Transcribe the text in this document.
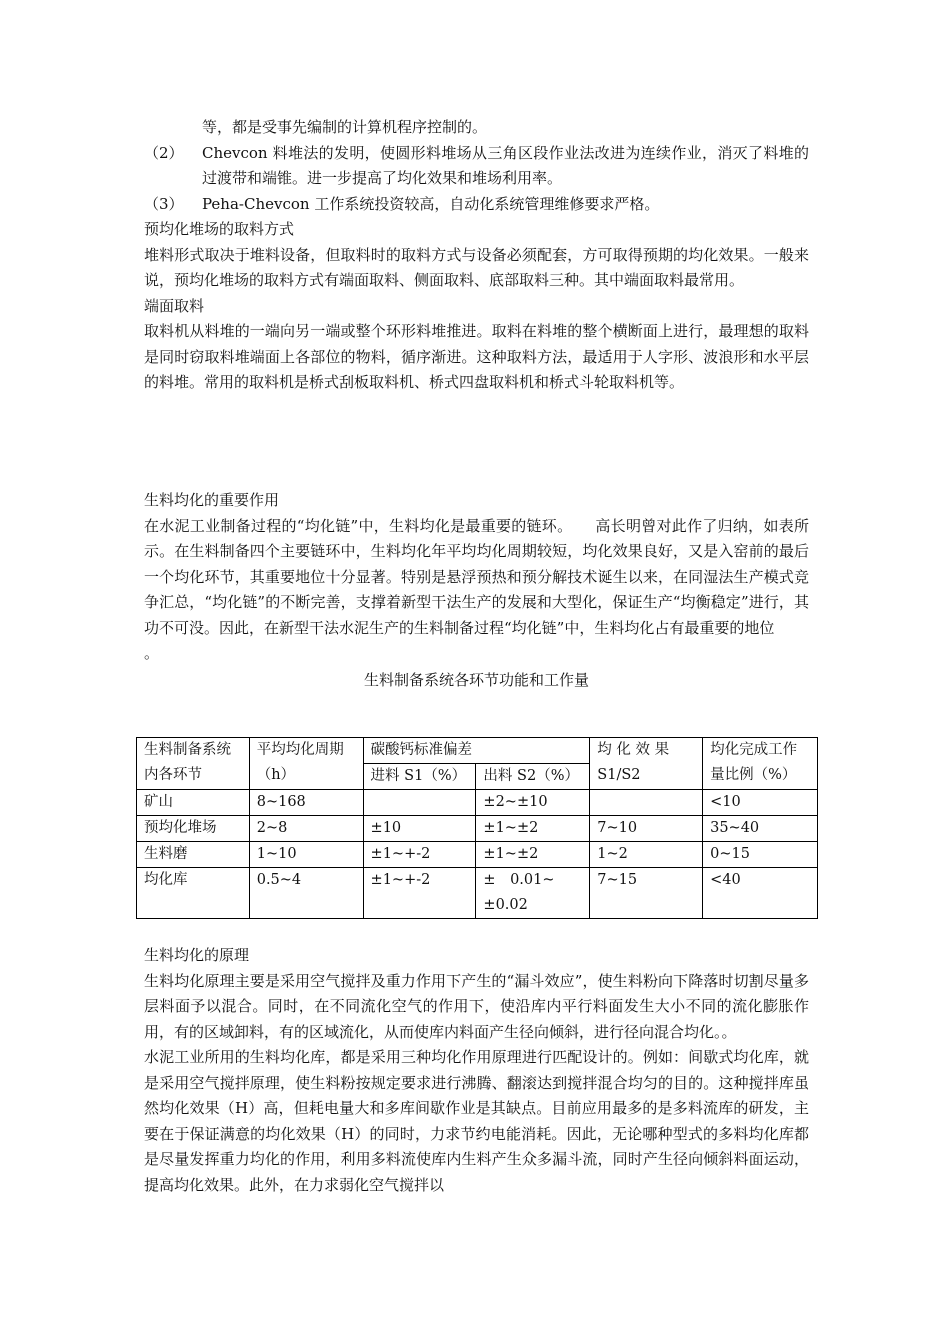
等，都是受事先编制的计算机程序控制的。

（2）	Chevcon 料堆法的发明，使圆形料堆场从三角区段作业法改进为连续作业，消灭了料堆的过渡带和端锥。进一步提高了均化效果和堆场利用率。
（3）	Peha-Chevcon 工作系统投资较高，自动化系统管理维修要求严格。

预均化堆场的取料方式

堆料形式取决于堆料设备，但取料时的取料方式与设备必须配套，方可取得预期的均化效果。一般来说，预均化堆场的取料方式有端面取料、侧面取料、底部取料三种。其中端面取料最常用。

端面取料

取料机从料堆的一端向另一端或整个环形料堆推进。取料在料堆的整个横断面上进行，最理想的取料是同时窃取料堆端面上各部位的物料，循序渐进。这种取料方法，最适用于人字形、波浪形和水平层的料堆。常用的取料机是桥式刮板取料机、桥式四盘取料机和桥式斗轮取料机等。

生料均化的重要作用

在水泥工业制备过程的“均化链”中，生料均化是最重要的链环。　　高长明曾对此作了归纳，如表所示。在生料制备四个主要链环中，生料均化年平均均化周期较短，均化效果良好，又是入窑前的最后一个均化环节，其重要地位十分显著。特别是悬浮预热和预分解技术诞生以来，在同湿法生产模式竞争汇总，“均化链”的不断完善，支撑着新型干法生产的发展和大型化，保证生产“均衡稳定”进行，其功不可没。因此，在新型干法水泥生产的生料制备过程“均化链”中，生料均化占有最重要的地位

。

生料制备系统各环节功能和工作量

生料制备系统内各环节	平均均化周期（h）	碳酸钙标准偏差		均 化 效 果 S1/S2	均化完成工作量比例（%）
		进料 S1（%）	出料 S2（%）		
矿山	8~168		±2~±10		<10
预均化堆场	2~8	±10	±1~±2	7~10	35~40
生料磨	1~10	±1~+-2	±1~±2	1~2	0~15
均化库	0.5~4	±1~+-2	±　0.01~　±0.02	7~15	<40

生料均化的原理

生料均化原理主要是采用空气搅拌及重力作用下产生的“漏斗效应”，使生料粉向下降落时切割尽量多层料面予以混合。同时，在不同流化空气的作用下，使沿库内平行料面发生大小不同的流化膨胀作用，有的区域卸料，有的区域流化，从而使库内料面产生径向倾斜，进行径向混合均化。。

水泥工业所用的生料均化库，都是采用三种均化作用原理进行匹配设计的。例如：间歇式均化库，就是采用空气搅拌原理，使生料粉按规定要求进行沸腾、翻滚达到搅拌混合均匀的目的。这种搅拌库虽然均化效果（H）高，但耗电量大和多库间歇作业是其缺点。目前应用最多的是多料流库的研发，主要在于保证满意的均化效果（H）的同时，力求节约电能消耗。因此，无论哪种型式的多料均化库都是尽量发挥重力均化的作用，利用多料流使库内生料产生众多漏斗流，同时产生径向倾斜料面运动，提高均化效果。此外，在力求弱化空气搅拌以
